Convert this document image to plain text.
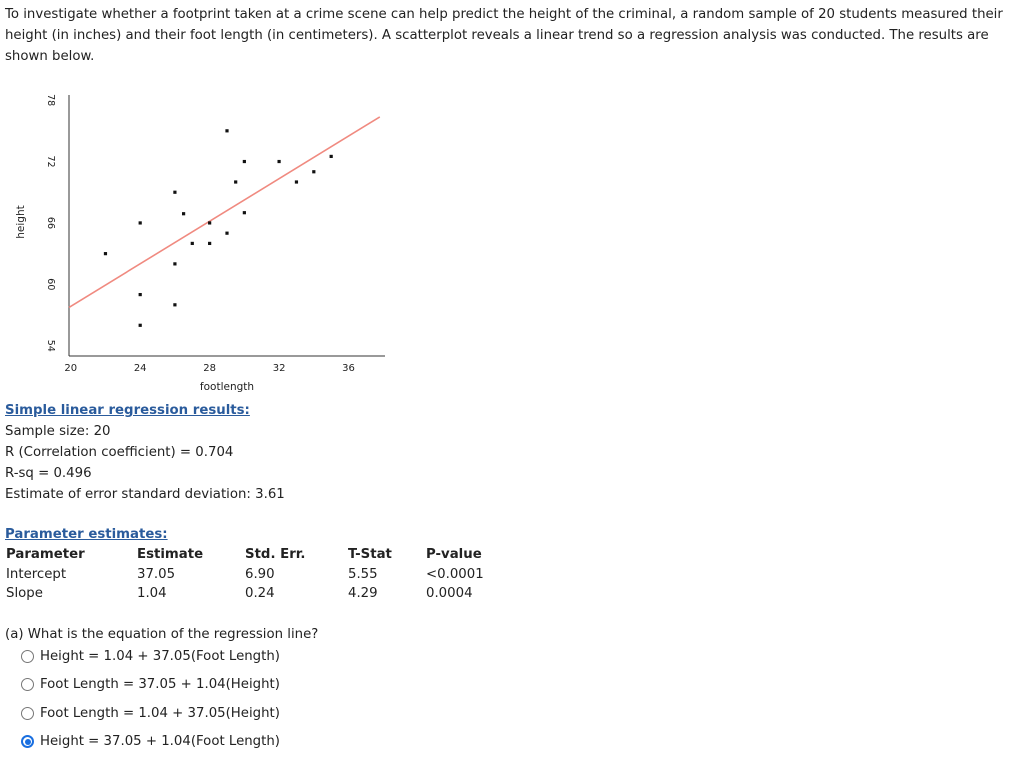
To investigate whether a footprint taken at a crime scene can help predict the height of the criminal, a random sample of 20 students measured their height (in inches) and their foot length (in centimeters). A scatterplot reveals a linear trend so a regression analysis was conducted. The results are shown below.
78
72
66
60
54
20	24	28	32	36
footlength
height
Simple linear regression results:
Sample size: 20
R (Correlation coefficient) = 0.704
R-sq = 0.496
Estimate of error standard deviation: 3.61
Parameter estimates:
Parameter	Estimate	Std. Err.	T-Stat	P-value
Intercept	37.05	6.90	5.55	<0.0001
Slope	1.04	0.24	4.29	0.0004
(a) What is the equation of the regression line?
Height = 1.04 + 37.05(Foot Length)
Foot Length = 37.05 + 1.04(Height)
Foot Length = 1.04 + 37.05(Height)
Height = 37.05 + 1.04(Foot Length)
